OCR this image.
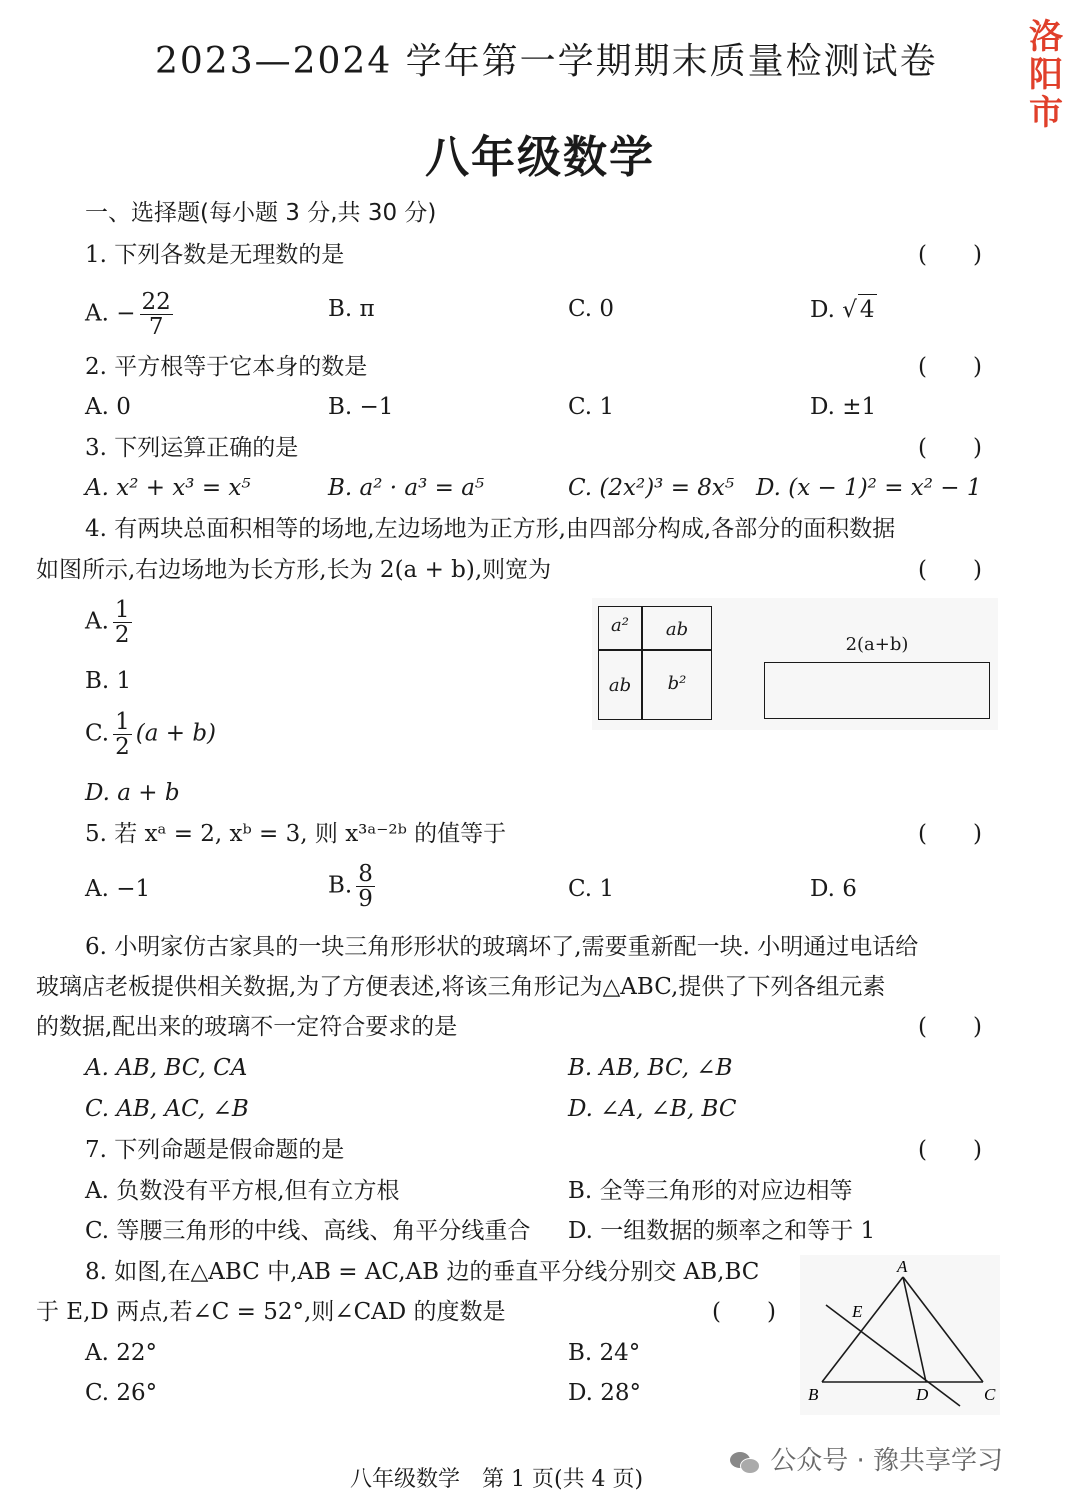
2023—2024 学年第一学期期末质量检测试卷
洛阳市
八年级数学
一、选择题(每小题 3 分,共 30 分)
1. 下列各数是无理数的是	(　　)
A. − $\frac{22}{7}$	B. π	C. 0	D. √ 4
2. 平方根等于它本身的数是	(　　)
A. 0	B. −1	C. 1	D. ±1
3. 下列运算正确的是	(　　)
A. x² + x³ = x⁵	B. a² · a³ = a⁵	C. (2x²)³ = 8x⁵ D. (x − 1)² = x² − 1
4. 有两块总面积相等的场地,左边场地为正方形,由四部分构成,各部分的面积数据
如图所示,右边场地为长方形,长为 2(a + b),则宽为	(　　)
A. $\frac{1}{2}$
B. 1
C. $\frac{1}{2} (a + b)$
D. a + b
a²	ab
ab	b²
2(a+b)
5. 若 xᵃ = 2, xᵇ = 3, 则 x³ᵃ⁻²ᵇ 的值等于	(　　)
A. −1	B. $\frac{8}{9}$	C. 1	D. 6
6. 小明家仿古家具的一块三角形形状的玻璃坏了,需要重新配一块. 小明通过电话给
玻璃店老板提供相关数据,为了方便表述,将该三角形记为△ABC,提供了下列各组元素
的数据,配出来的玻璃不一定符合要求的是	(　　)
A. AB, BC, CA	B. AB, BC, ∠B
C. AB, AC, ∠B	D. ∠A, ∠B, BC
7. 下列命题是假命题的是	(　　)
A. 负数没有平方根,但有立方根	B. 全等三角形的对应边相等
C. 等腰三角形的中线、高线、角平分线重合 D. 一组数据的频率之和等于 1
8. 如图,在△ABC 中,AB = AC,AB 边的垂直平分线分别交 AB,BC
于 E,D 两点,若∠C = 52°,则∠CAD 的度数是	(　　)
A. 22°	B. 24°
C. 26°	D. 28°
A
B	C
D
E
八年级数学　第 1 页(共 4 页)
公众号 · 豫共享学习
